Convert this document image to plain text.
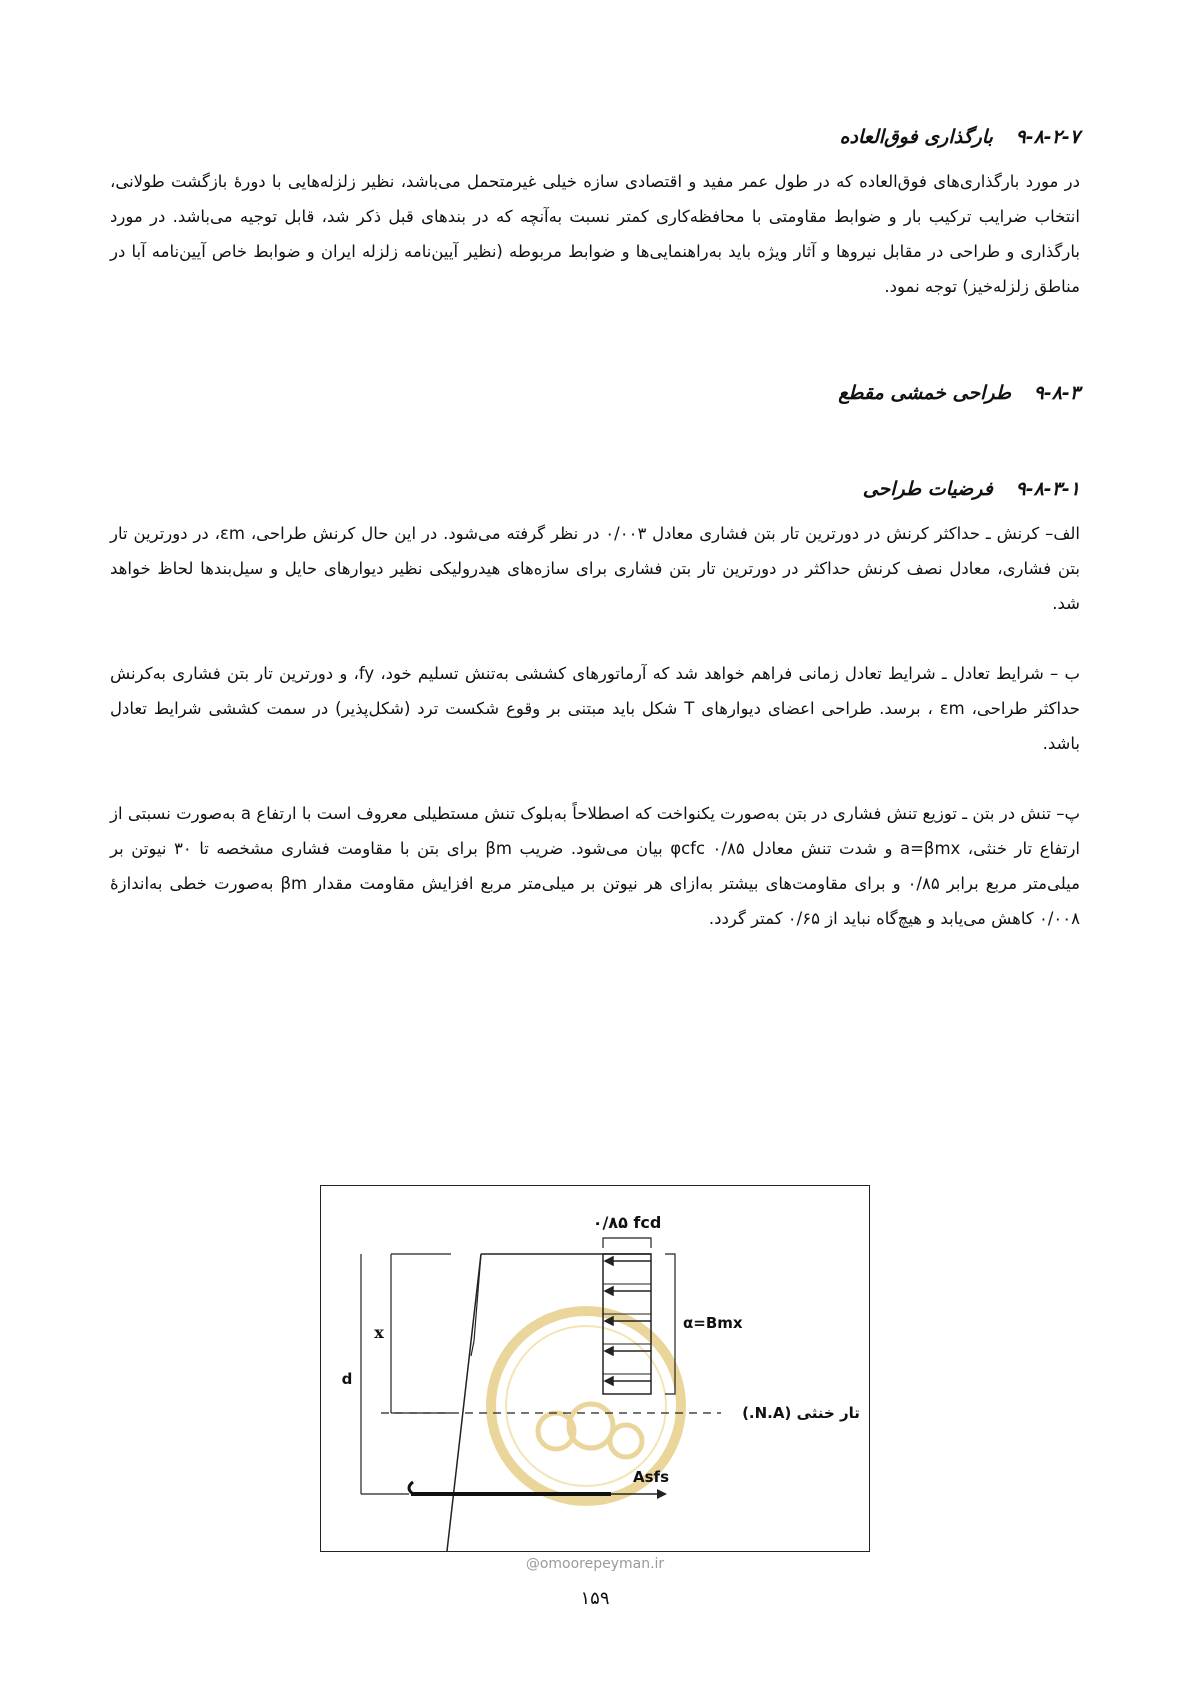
۹-۸-۲-۷ بارگذاری فوق‌العاده
در مورد بارگذاری‌های فوق‌العاده که در طول عمر مفید و اقتصادی سازه خیلی غیرمتحمل می‌باشد، نظیر زلزله‌هایی با دورهٔ بازگشت طولانی، انتخاب ضرایب ترکیب بار و ضوابط مقاومتی با محافظه‌کاری کمتر نسبت به‌آنچه که در بندهای قبل ذکر شد، قابل توجیه می‌باشد. در مورد بارگذاری و طراحی در مقابل نیروها و آثار ویژه باید به‌راهنمایی‌ها و ضوابط مربوطه (نظیر آیین‌نامه زلزله ایران و ضوابط خاص آیین‌نامه آبا در مناطق زلزله‌خیز) توجه نمود.
۹-۸-۳ طراحی خمشی مقطع
۹-۸-۳-۱ فرضیات طراحی
الف– کرنش ـ حداکثر کرنش در دورترین تار بتن فشاری معادل ۰/۰۰۳ در نظر گرفته می‌شود. در این حال کرنش طراحی، εm، در دورترین تار بتن فشاری، معادل نصف کرنش حداکثر در دورترین تار بتن فشاری برای سازه‌های هیدرولیکی نظیر دیوارهای حایل و سیل‌بندها لحاظ خواهد شد.
ب – شرایط تعادل ـ شرایط تعادل زمانی فراهم خواهد شد که آرماتورهای کششی به‌تنش تسلیم خود، fy، و دورترین تار بتن فشاری به‌کرنش حداکثر طراحی، εm ، برسد. طراحی اعضای دیوارهای T شکل باید مبتنی بر وقوع شکست ترد (شکل‌پذیر) در سمت کششی شرایط تعادل باشد.
پ– تنش در بتن ـ توزیع تنش فشاری در بتن به‌صورت یکنواخت که اصطلاحاً به‌بلوک تنش مستطیلی معروف است با ارتفاع a به‌صورت نسبتی از ارتفاع تار خنثی، a=βmx و شدت تنش معادل ۰/۸۵ φcfc بیان می‌شود. ضریب βm برای بتن با مقاومت فشاری مشخصه تا ۳۰ نیوتن بر میلی‌متر مربع برابر ۰/۸۵ و برای مقاومت‌های بیشتر به‌ازای هر نیوتن بر میلی‌متر مربع افزایش مقاومت مقدار βm به‌صورت خطی به‌اندازهٔ ۰/۰۰۸ کاهش می‌یابد و هیچ‌گاه نباید از ۰/۶۵ کمتر گردد.
۰/۸۵ fcd
α=Bmx
تار خنثی (N.A.)
x
d
Asfs
@omoorepeyman.ir
۱۵۹
